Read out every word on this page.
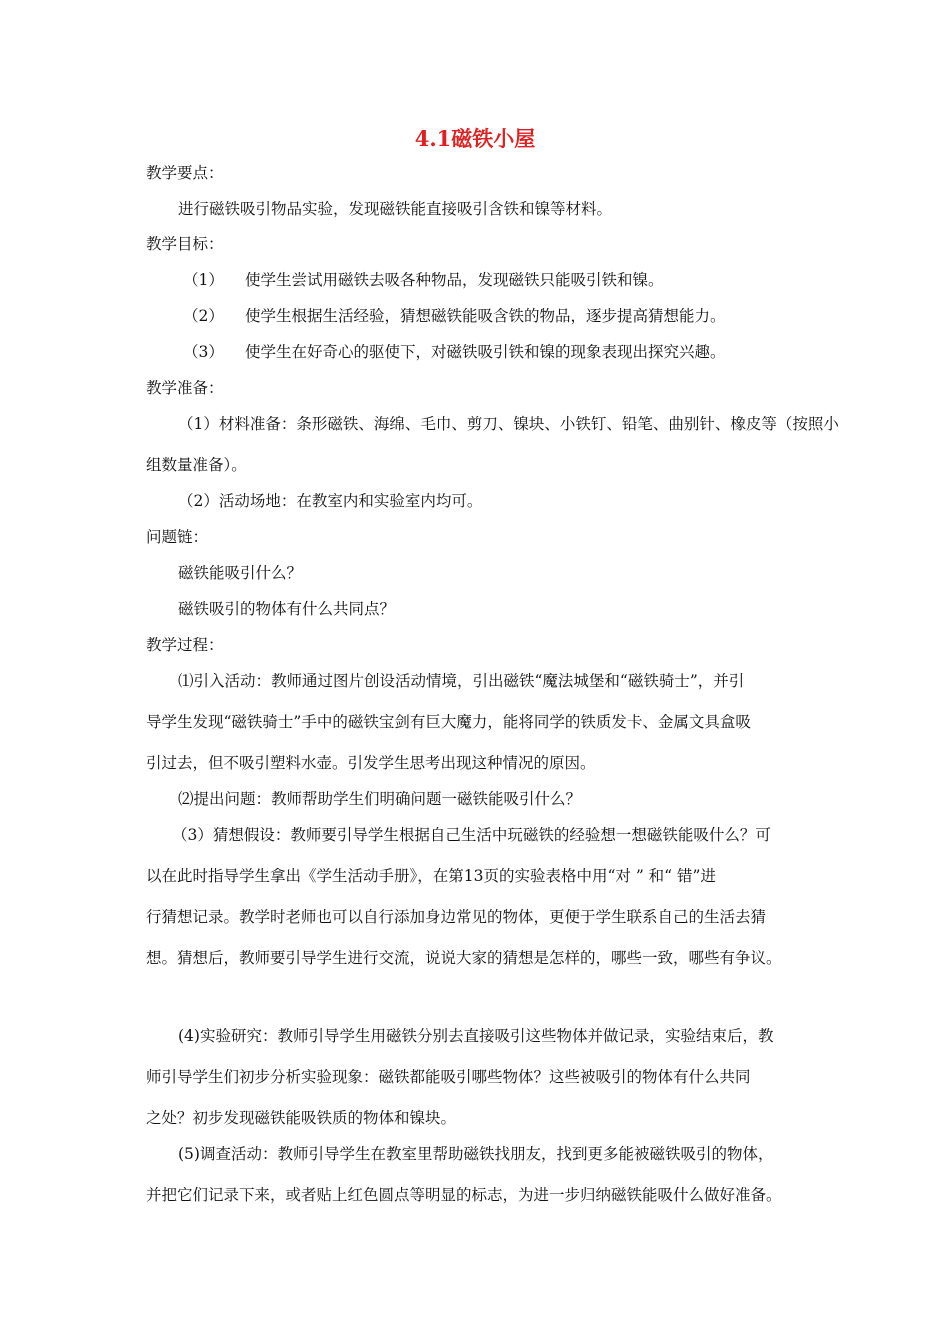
4.1磁铁小屋
教学要点：
进行磁铁吸引物品实验，发现磁铁能直接吸引含铁和镍等材料。
教学目标：
（1） 使学生尝试用磁铁去吸各种物品，发现磁铁只能吸引铁和镍。
（2） 使学生根据生活经验，猜想磁铁能吸含铁的物品，逐步提高猜想能力。
（3） 使学生在好奇心的驱使下，对磁铁吸引铁和镍的现象表现出探究兴趣。
教学准备：
（1）材料准备：条形磁铁、海绵、毛巾、剪刀、镍块、小铁钉、铅笔、曲别针、橡皮等（按照小
组数量准备）。
（2）活动场地：在教室内和实验室内均可。
问题链：
磁铁能吸引什么？
磁铁吸引的物体有什么共同点？
教学过程：
⑴引入活动：教师通过图片创设活动情境，引出磁铁“魔法城堡和“磁铁骑士”，并引
导学生发现“磁铁骑士”手中的磁铁宝剑有巨大魔力，能将同学的铁质发卡、金属文具盒吸
引过去，但不吸引塑料水壶。引发学生思考出现这种情况的原因。
⑵提出问题：教师帮助学生们明确问题一磁铁能吸引什么？
（3）猜想假设：教师要引导学生根据自己生活中玩磁铁的经验想一想磁铁能吸什么？可
以在此时指导学生拿出《学生活动手册》，在第13页的实验表格中用“对 ” 和“ 错”进
行猜想记录。教学时老师也可以自行添加身边常见的物体，更便于学生联系自己的生活去猜
想。猜想后，教师要引导学生进行交流，说说大家的猜想是怎样的，哪些一致，哪些有争议。
(4)实验研究：教师引导学生用磁铁分别去直接吸引这些物体并做记录，实验结束后，教
师引导学生们初步分析实验现象：磁铁都能吸引哪些物体？这些被吸引的物体有什么共同
之处？初步发现磁铁能吸铁质的物体和镍块。
(5)调查活动：教师引导学生在教室里帮助磁铁找朋友，找到更多能被磁铁吸引的物体，
并把它们记录下来，或者贴上红色圆点等明显的标志，为进一步归纳磁铁能吸什么做好准备。
